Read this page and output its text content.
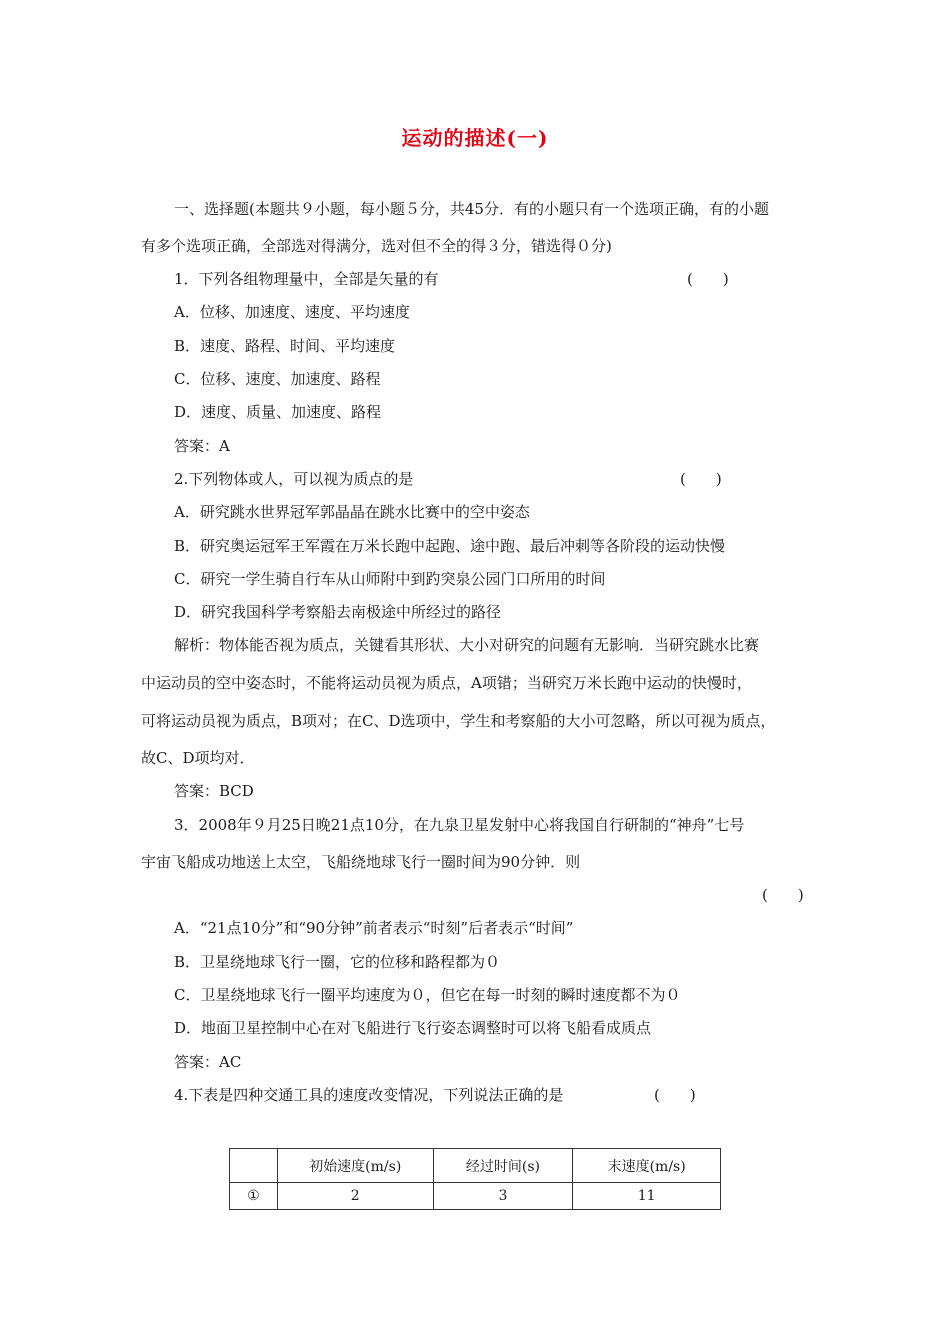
运动的描述(一)
一、选择题(本题共９小题，每小题５分，共45分．有的小题只有一个选项正确，有的小题
有多个选项正确，全部选对得满分，选对但不全的得３分，错选得０分)
1．下列各组物理量中，全部是矢量的有	(　　)
A．位移、加速度、速度、平均速度
B．速度、路程、时间、平均速度
C．位移、速度、加速度、路程
D．速度、质量、加速度、路程
答案：A
2.下列物体或人，可以视为质点的是	(　　)
A．研究跳水世界冠军郭晶晶在跳水比赛中的空中姿态
B．研究奥运冠军王军霞在万米长跑中起跑、途中跑、最后冲刺等各阶段的运动快慢
C．研究一学生骑自行车从山师附中到趵突泉公园门口所用的时间
D．研究我国科学考察船去南极途中所经过的路径
解析：物体能否视为质点，关键看其形状、大小对研究的问题有无影响．当研究跳水比赛
中运动员的空中姿态时，不能将运动员视为质点，A项错；当研究万米长跑中运动的快慢时，
可将运动员视为质点，B项对；在C、D选项中，学生和考察船的大小可忽略，所以可视为质点，
故C、D项均对．
答案：BCD
3．2008年９月25日晚21点10分，在九泉卫星发射中心将我国自行研制的“神舟”七号
宇宙飞船成功地送上太空，飞船绕地球飞行一圈时间为90分钟．则
(　　)
A．“21点10分”和“90分钟”前者表示“时刻”后者表示“时间”
B．卫星绕地球飞行一圈，它的位移和路程都为０
C．卫星绕地球飞行一圈平均速度为０，但它在每一时刻的瞬时速度都不为０
D．地面卫星控制中心在对飞船进行飞行姿态调整时可以将飞船看成质点
答案：AC
4.下表是四种交通工具的速度改变情况，下列说法正确的是	(　　)
	初始速度(m/s)	经过时间(s)	末速度(m/s)
①	2	3	11
